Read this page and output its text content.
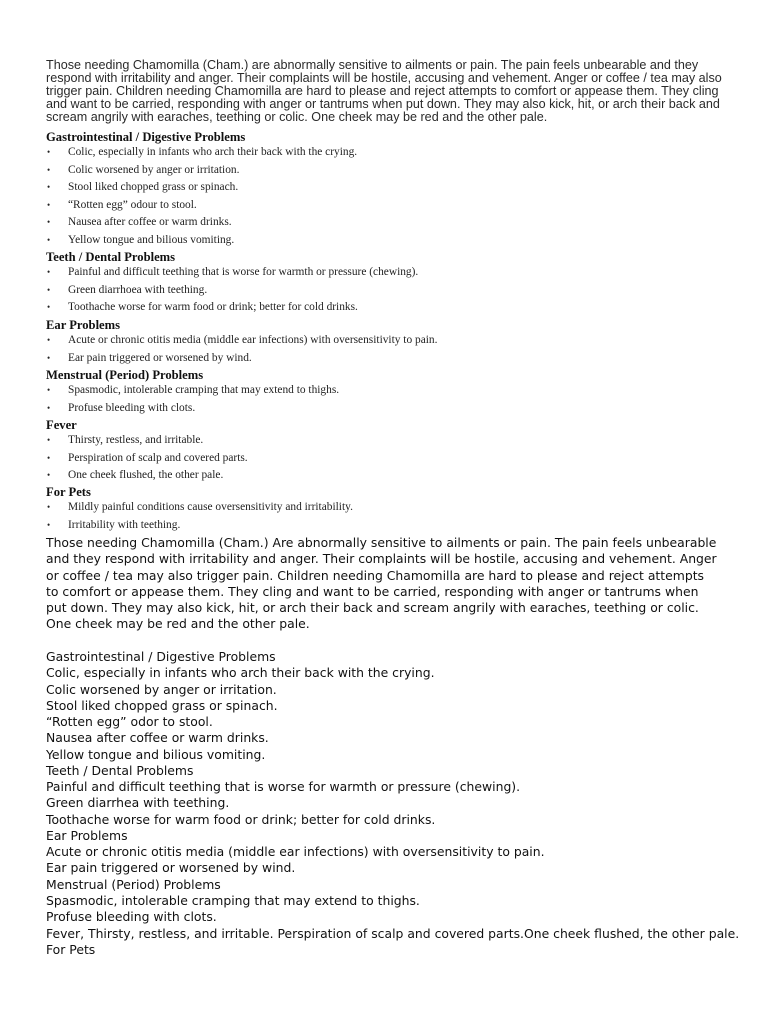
Those needing Chamomilla (Cham.) are abnormally sensitive to ailments or pain. The pain feels unbearable and they respond with irritability and anger. Their complaints will be hostile, accusing and vehement. Anger or coffee / tea may also trigger pain. Children needing Chamomilla are hard to please and reject attempts to comfort or appease them. They cling and want to be carried, responding with anger or tantrums when put down. They may also kick, hit, or arch their back and scream angrily with earaches, teething or colic. One cheek may be red and the other pale.

Gastrointestinal / Digestive Problems
• Colic, especially in infants who arch their back with the crying.
• Colic worsened by anger or irritation.
• Stool liked chopped grass or spinach.
• “Rotten egg” odour to stool.
• Nausea after coffee or warm drinks.
• Yellow tongue and bilious vomiting.
Teeth / Dental Problems
• Painful and difficult teething that is worse for warmth or pressure (chewing).
• Green diarrhoea with teething.
• Toothache worse for warm food or drink; better for cold drinks.
Ear Problems
• Acute or chronic otitis media (middle ear infections) with oversensitivity to pain.
• Ear pain triggered or worsened by wind.
Menstrual (Period) Problems
• Spasmodic, intolerable cramping that may extend to thighs.
• Profuse bleeding with clots.
Fever
• Thirsty, restless, and irritable.
• Perspiration of scalp and covered parts.
• One cheek flushed, the other pale.
For Pets
• Mildly painful conditions cause oversensitivity and irritability.
• Irritability with teething.

Those needing Chamomilla (Cham.) Are abnormally sensitive to ailments or pain. The pain feels unbearable and they respond with irritability and anger. Their complaints will be hostile, accusing and vehement. Anger or coffee / tea may also trigger pain. Children needing Chamomilla are hard to please and reject attempts to comfort or appease them. They cling and want to be carried, responding with anger or tantrums when put down. They may also kick, hit, or arch their back and scream angrily with earaches, teething or colic. One cheek may be red and the other pale.

Gastrointestinal / Digestive Problems
Colic, especially in infants who arch their back with the crying.
Colic worsened by anger or irritation.
Stool liked chopped grass or spinach.
“Rotten egg” odor to stool.
Nausea after coffee or warm drinks.
Yellow tongue and bilious vomiting.
Teeth / Dental Problems
Painful and difficult teething that is worse for warmth or pressure (chewing).
Green diarrhea with teething.
Toothache worse for warm food or drink; better for cold drinks.
Ear Problems
Acute or chronic otitis media (middle ear infections) with oversensitivity to pain.
Ear pain triggered or worsened by wind.
Menstrual (Period) Problems
Spasmodic, intolerable cramping that may extend to thighs.
Profuse bleeding with clots.
Fever, Thirsty, restless, and irritable. Perspiration of scalp and covered parts.One cheek flushed, the other pale.
For Pets
